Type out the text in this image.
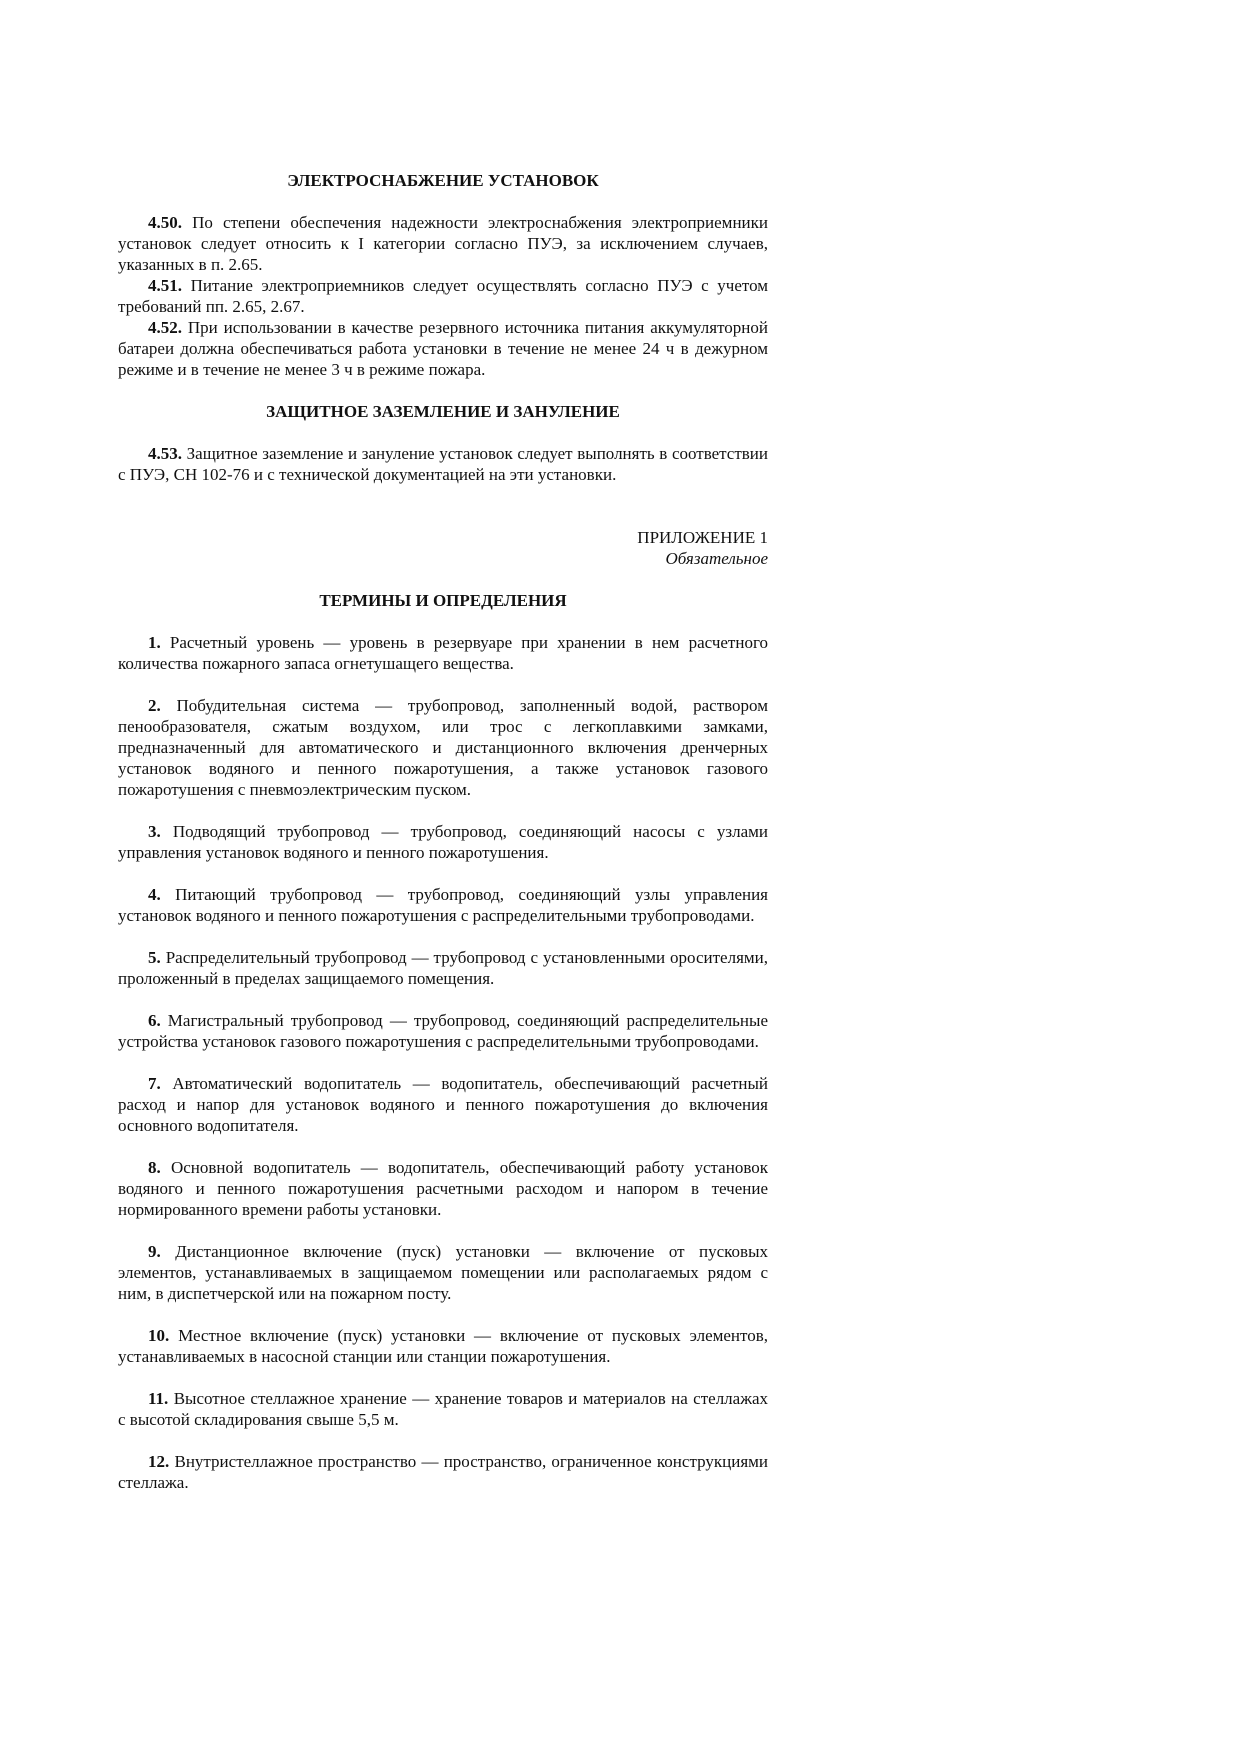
ЭЛЕКТРОСНАБЖЕНИЕ УСТАНОВОК

4.50. По степени обеспечения надежности электроснабжения электроприемники установок следует относить к I категории согласно ПУЭ, за исключением случаев, указанных в п. 2.65.

4.51. Питание электроприемников следует осуществлять согласно ПУЭ с учетом требований пп. 2.65, 2.67.

4.52. При использовании в качестве резервного источника питания аккумуляторной батареи должна обеспечиваться работа установки в течение не менее 24 ч в дежурном режиме и в течение не менее 3 ч в режиме пожара.

ЗАЩИТНОЕ ЗАЗЕМЛЕНИЕ И ЗАНУЛЕНИЕ

4.53. Защитное заземление и зануление установок следует выполнять в соответствии с ПУЭ, СН 102-76 и с технической документацией на эти установки.

ПРИЛОЖЕНИЕ 1
Обязательное

ТЕРМИНЫ И ОПРЕДЕЛЕНИЯ

1. Расчетный уровень — уровень в резервуаре при хранении в нем расчетного количества пожарного запаса огнетушащего вещества.

2. Побудительная система — трубопровод, заполненный водой, раствором пенообразователя, сжатым воздухом, или трос с легкоплавкими замками, предназначенный для автоматического и дистанционного включения дренчерных установок водяного и пенного пожаротушения, а также установок газового пожаротушения с пневмоэлектрическим пуском.

3. Подводящий трубопровод — трубопровод, соединяющий насосы с узлами управления установок водяного и пенного пожаротушения.

4. Питающий трубопровод — трубопровод, соединяющий узлы управления установок водяного и пенного пожаротушения с распределительными трубопроводами.

5. Распределительный трубопровод — трубопровод с установленными оросителями, проложенный в пределах защищаемого помещения.

6. Магистральный трубопровод — трубопровод, соединяющий распределительные устройства установок газового пожаротушения с распределительными трубопроводами.

7. Автоматический водопитатель — водопитатель, обеспечивающий расчетный расход и напор для установок водяного и пенного пожаротушения до включения основного водопитателя.

8. Основной водопитатель — водопитатель, обеспечивающий работу установок водяного и пенного пожаротушения расчетными расходом и напором в течение нормированного времени работы установки.

9. Дистанционное включение (пуск) установки — включение от пусковых элементов, устанавливаемых в защищаемом помещении или располагаемых рядом с ним, в диспетчерской или на пожарном посту.

10. Местное включение (пуск) установки — включение от пусковых элементов, устанавливаемых в насосной станции или станции пожаротушения.

11. Высотное стеллажное хранение — хранение товаров и материалов на стеллажах с высотой складирования свыше 5,5 м.

12. Внутристеллажное пространство — пространство, ограниченное конструкциями стеллажа.
